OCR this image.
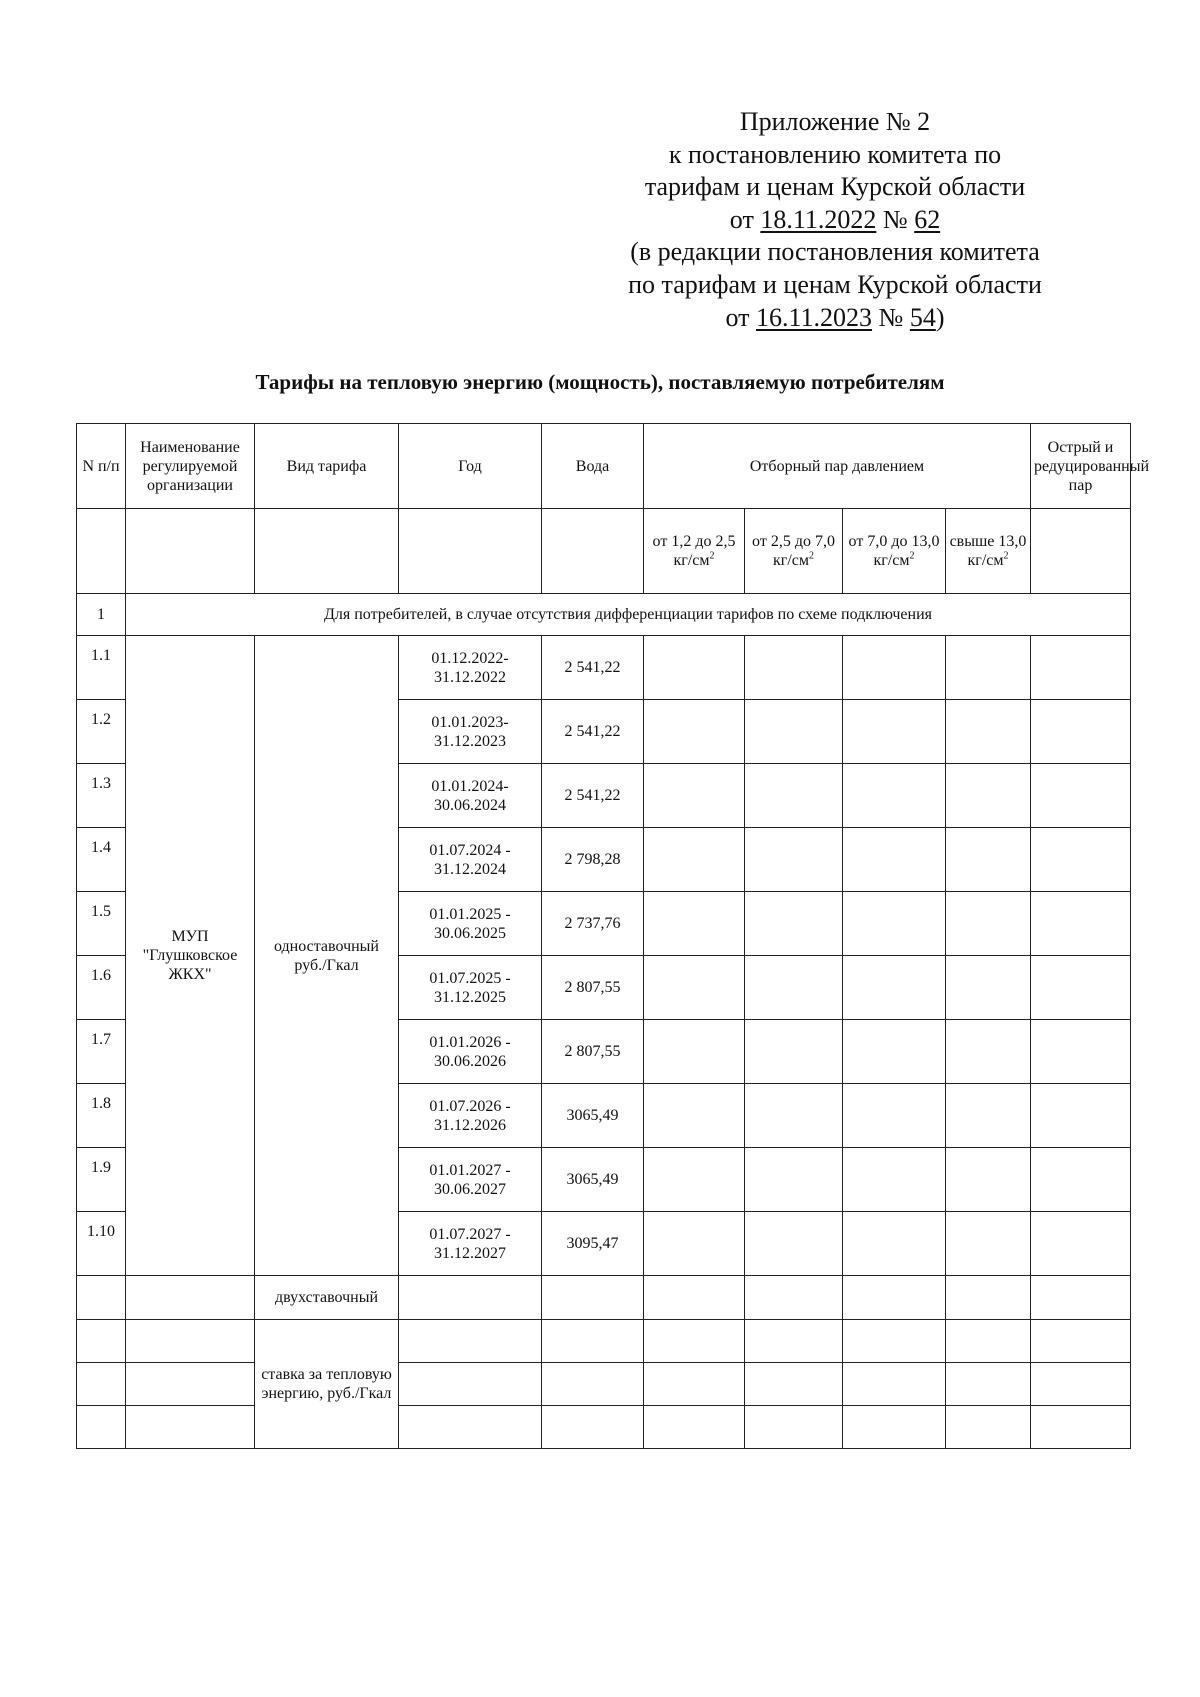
Приложение № 2
к постановлению комитета по
тарифам и ценам Курской области
от 18.11.2022 № 62
(в редакции постановления комитета
по тарифам и ценам Курской области
от 16.11.2023 № 54)
Тарифы на тепловую энергию (мощность), поставляемую потребителям
N п/п	Наименование регулируемой организации	Вид тарифа	Год	Вода	Отборный пар давлением				Острый и редуцированный пар
					от 1,2 до 2,5 $кг/см^2$	от 2,5 до 7,0 $кг/см^2$	от 7,0 до 13,0 $кг/см^2$	свыше 13,0 $кг/см^2$	
1	Для потребителей, в случае отсутствия дифференциации тарифов по схеме подключения								
1.1	МУП "Глушковское ЖКХ"	одноставочный руб./Гкал	01.12.2022-31.12.2022	2 541,22					
1.2			01.01.2023-31.12.2023	2 541,22					
1.3			01.01.2024-30.06.2024	2 541,22					
1.4			01.07.2024 - 31.12.2024	2 798,28					
1.5			01.01.2025 - 30.06.2025	2 737,76					
1.6			01.07.2025 - 31.12.2025	2 807,55					
1.7			01.01.2026 - 30.06.2026	2 807,55					
1.8			01.07.2026 - 31.12.2026	3065,49					
1.9			01.01.2027 - 30.06.2027	3065,49					
1.10			01.07.2027 - 31.12.2027	3095,47					
		двухставочный							
		ставка за тепловую энергию, руб./Гкал							
